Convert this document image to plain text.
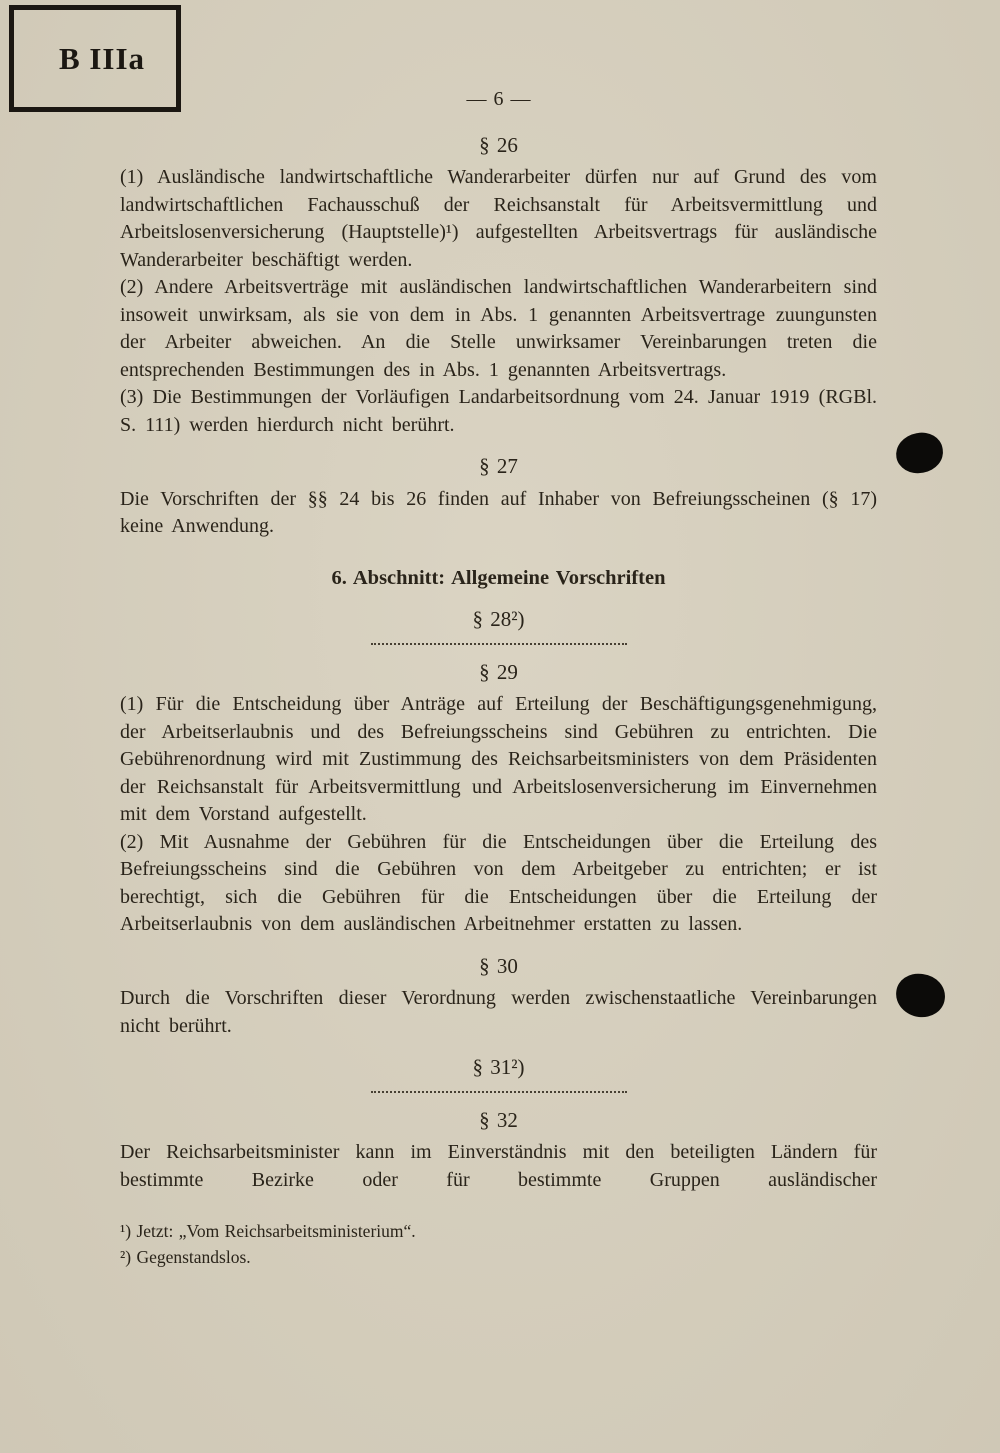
B IIIa
— 6 —
§ 26

(1) Ausländische landwirtschaftliche Wanderarbeiter dürfen nur auf Grund des vom landwirtschaftlichen Fachausschuß der Reichsanstalt für Arbeitsvermittlung und Arbeitslosenversicherung (Hauptstelle)¹) aufgestellten Arbeitsvertrags für ausländische Wanderarbeiter beschäftigt werden.

(2) Andere Arbeitsverträge mit ausländischen landwirtschaftlichen Wanderarbeitern sind insoweit unwirksam, als sie von dem in Abs. 1 genannten Arbeitsvertrage zuungunsten der Arbeiter abweichen. An die Stelle unwirksamer Vereinbarungen treten die entsprechenden Bestimmungen des in Abs. 1 genannten Arbeitsvertrags.

(3) Die Bestimmungen der Vorläufigen Landarbeitsordnung vom 24. Januar 1919 (RGBl. S. 111) werden hierdurch nicht berührt.

§ 27

Die Vorschriften der §§ 24 bis 26 finden auf Inhaber von Befreiungsscheinen (§ 17) keine Anwendung.

6. Abschnitt: Allgemeine Vorschriften
§ 28²)
§ 29

(1) Für die Entscheidung über Anträge auf Erteilung der Beschäftigungsgenehmigung, der Arbeitserlaubnis und des Befreiungsscheins sind Gebühren zu entrichten. Die Gebührenordnung wird mit Zustimmung des Reichsarbeitsministers von dem Präsidenten der Reichsanstalt für Arbeitsvermittlung und Arbeitslosenversicherung im Einvernehmen mit dem Vorstand aufgestellt.

(2) Mit Ausnahme der Gebühren für die Entscheidungen über die Erteilung des Befreiungsscheins sind die Gebühren von dem Arbeitgeber zu entrichten; er ist berechtigt, sich die Gebühren für die Entscheidungen über die Erteilung der Arbeitserlaubnis von dem ausländischen Arbeitnehmer erstatten zu lassen.

§ 30

Durch die Vorschriften dieser Verordnung werden zwischenstaatliche Vereinbarungen nicht berührt.

§ 31²)
§ 32

Der Reichsarbeitsminister kann im Einverständnis mit den beteiligten Ländern für bestimmte Bezirke oder für bestimmte Gruppen ausländischer

¹) Jetzt: „Vom Reichsarbeitsministerium“.

²) Gegenstandslos.
